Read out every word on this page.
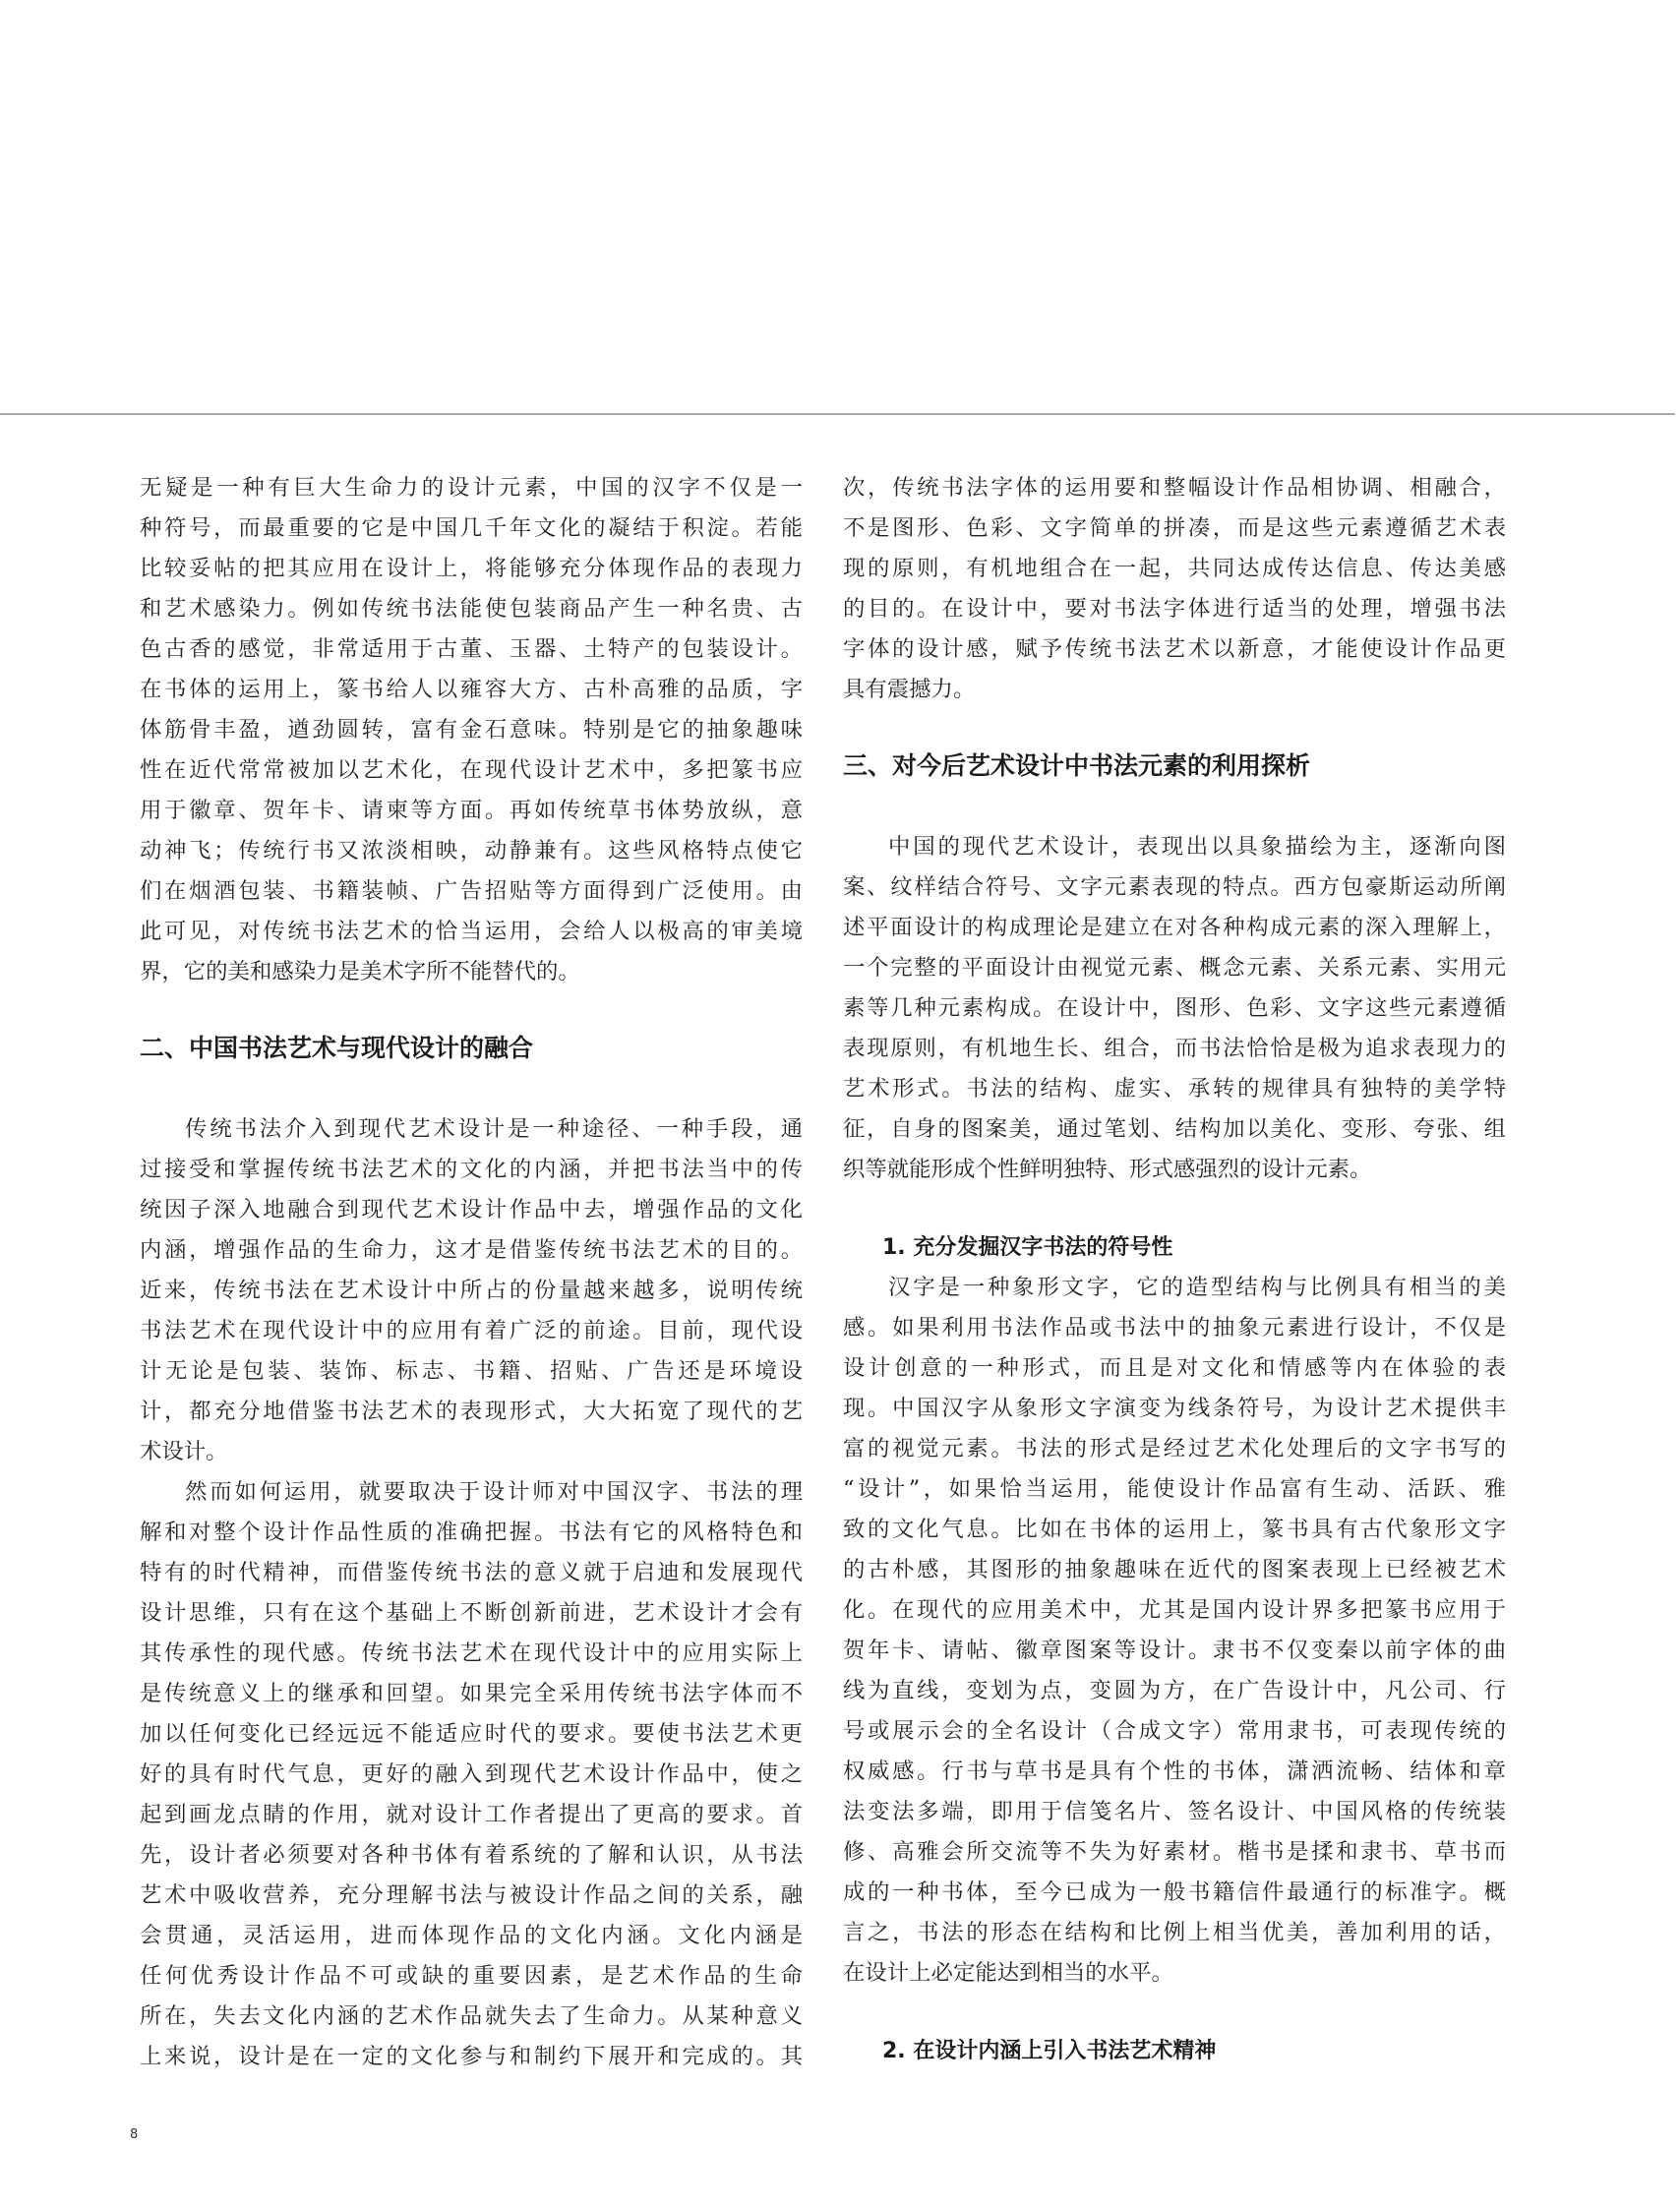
无疑是一种有巨大生命力的设计元素，中国的汉字不仅是一
种符号，而最重要的它是中国几千年文化的凝结于积淀。若能
比较妥帖的把其应用在设计上，将能够充分体现作品的表现力
和艺术感染力。例如传统书法能使包装商品产生一种名贵、古
色古香的感觉，非常适用于古董、玉器、土特产的包装设计。
在书体的运用上，篆书给人以雍容大方、古朴高雅的品质，字
体筋骨丰盈，遒劲圆转，富有金石意味。特别是它的抽象趣味
性在近代常常被加以艺术化，在现代设计艺术中，多把篆书应
用于徽章、贺年卡、请柬等方面。再如传统草书体势放纵，意
动神飞；传统行书又浓淡相映，动静兼有。这些风格特点使它
们在烟酒包装、书籍装帧、广告招贴等方面得到广泛使用。由
此可见，对传统书法艺术的恰当运用，会给人以极高的审美境
界，它的美和感染力是美术字所不能替代的。
二、中国书法艺术与现代设计的融合
传统书法介入到现代艺术设计是一种途径、一种手段，通
过接受和掌握传统书法艺术的文化的内涵，并把书法当中的传
统因子深入地融合到现代艺术设计作品中去，增强作品的文化
内涵，增强作品的生命力，这才是借鉴传统书法艺术的目的。
近来，传统书法在艺术设计中所占的份量越来越多，说明传统
书法艺术在现代设计中的应用有着广泛的前途。目前，现代设
计无论是包装、装饰、标志、书籍、招贴、广告还是环境设
计，都充分地借鉴书法艺术的表现形式，大大拓宽了现代的艺
术设计。
然而如何运用，就要取决于设计师对中国汉字、书法的理
解和对整个设计作品性质的准确把握。书法有它的风格特色和
特有的时代精神，而借鉴传统书法的意义就于启迪和发展现代
设计思维，只有在这个基础上不断创新前进，艺术设计才会有
其传承性的现代感。传统书法艺术在现代设计中的应用实际上
是传统意义上的继承和回望。如果完全采用传统书法字体而不
加以任何变化已经远远不能适应时代的要求。要使书法艺术更
好的具有时代气息，更好的融入到现代艺术设计作品中，使之
起到画龙点睛的作用，就对设计工作者提出了更高的要求。首
先，设计者必须要对各种书体有着系统的了解和认识，从书法
艺术中吸收营养，充分理解书法与被设计作品之间的关系，融
会贯通，灵活运用，进而体现作品的文化内涵。文化内涵是
任何优秀设计作品不可或缺的重要因素，是艺术作品的生命
所在，失去文化内涵的艺术作品就失去了生命力。从某种意义
上来说，设计是在一定的文化参与和制约下展开和完成的。其
次，传统书法字体的运用要和整幅设计作品相协调、相融合，
不是图形、色彩、文字简单的拼凑，而是这些元素遵循艺术表
现的原则，有机地组合在一起，共同达成传达信息、传达美感
的目的。在设计中，要对书法字体进行适当的处理，增强书法
字体的设计感，赋予传统书法艺术以新意，才能使设计作品更
具有震撼力。
三、对今后艺术设计中书法元素的利用探析
中国的现代艺术设计，表现出以具象描绘为主，逐渐向图
案、纹样结合符号、文字元素表现的特点。西方包豪斯运动所阐
述平面设计的构成理论是建立在对各种构成元素的深入理解上，
一个完整的平面设计由视觉元素、概念元素、关系元素、实用元
素等几种元素构成。在设计中，图形、色彩、文字这些元素遵循
表现原则，有机地生长、组合，而书法恰恰是极为追求表现力的
艺术形式。书法的结构、虚实、承转的规律具有独特的美学特
征，自身的图案美，通过笔划、结构加以美化、变形、夸张、组
织等就能形成个性鲜明独特、形式感强烈的设计元素。
1. 充分发掘汉字书法的符号性
汉字是一种象形文字，它的造型结构与比例具有相当的美
感。如果利用书法作品或书法中的抽象元素进行设计，不仅是
设计创意的一种形式，而且是对文化和情感等内在体验的表
现。中国汉字从象形文字演变为线条符号，为设计艺术提供丰
富的视觉元素。书法的形式是经过艺术化处理后的文字书写的
“设计”，如果恰当运用，能使设计作品富有生动、活跃、雅
致的文化气息。比如在书体的运用上，篆书具有古代象形文字
的古朴感，其图形的抽象趣味在近代的图案表现上已经被艺术
化。在现代的应用美术中，尤其是国内设计界多把篆书应用于
贺年卡、请帖、徽章图案等设计。隶书不仅变秦以前字体的曲
线为直线，变划为点，变圆为方，在广告设计中，凡公司、行
号或展示会的全名设计（合成文字）常用隶书，可表现传统的
权威感。行书与草书是具有个性的书体，潇洒流畅、结体和章
法变法多端，即用于信笺名片、签名设计、中国风格的传统装
修、高雅会所交流等不失为好素材。楷书是揉和隶书、草书而
成的一种书体，至今已成为一般书籍信件最通行的标准字。概
言之，书法的形态在结构和比例上相当优美，善加利用的话，
在设计上必定能达到相当的水平。
2. 在设计内涵上引入书法艺术精神
8
